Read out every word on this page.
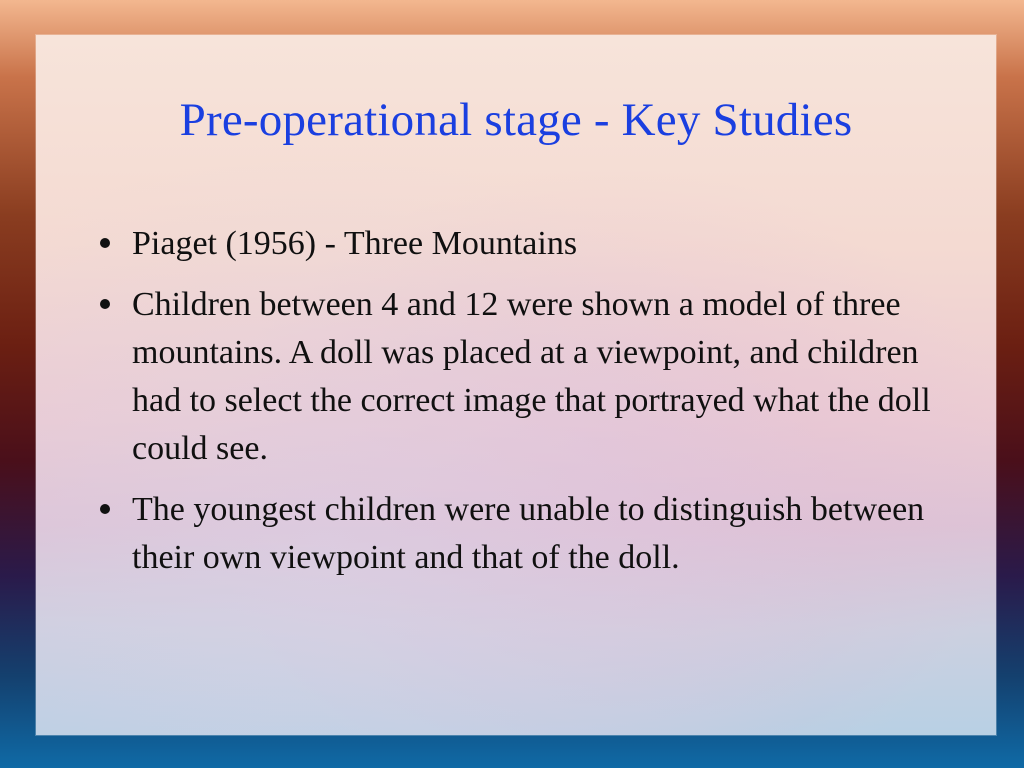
Pre-operational stage - Key Studies
Piaget (1956) - Three Mountains
Children between 4 and 12 were shown a model of three mountains. A doll was placed at a viewpoint, and children had to select the correct image that portrayed what the doll could see.
The youngest children were unable to distinguish between their own viewpoint and that of the doll.
